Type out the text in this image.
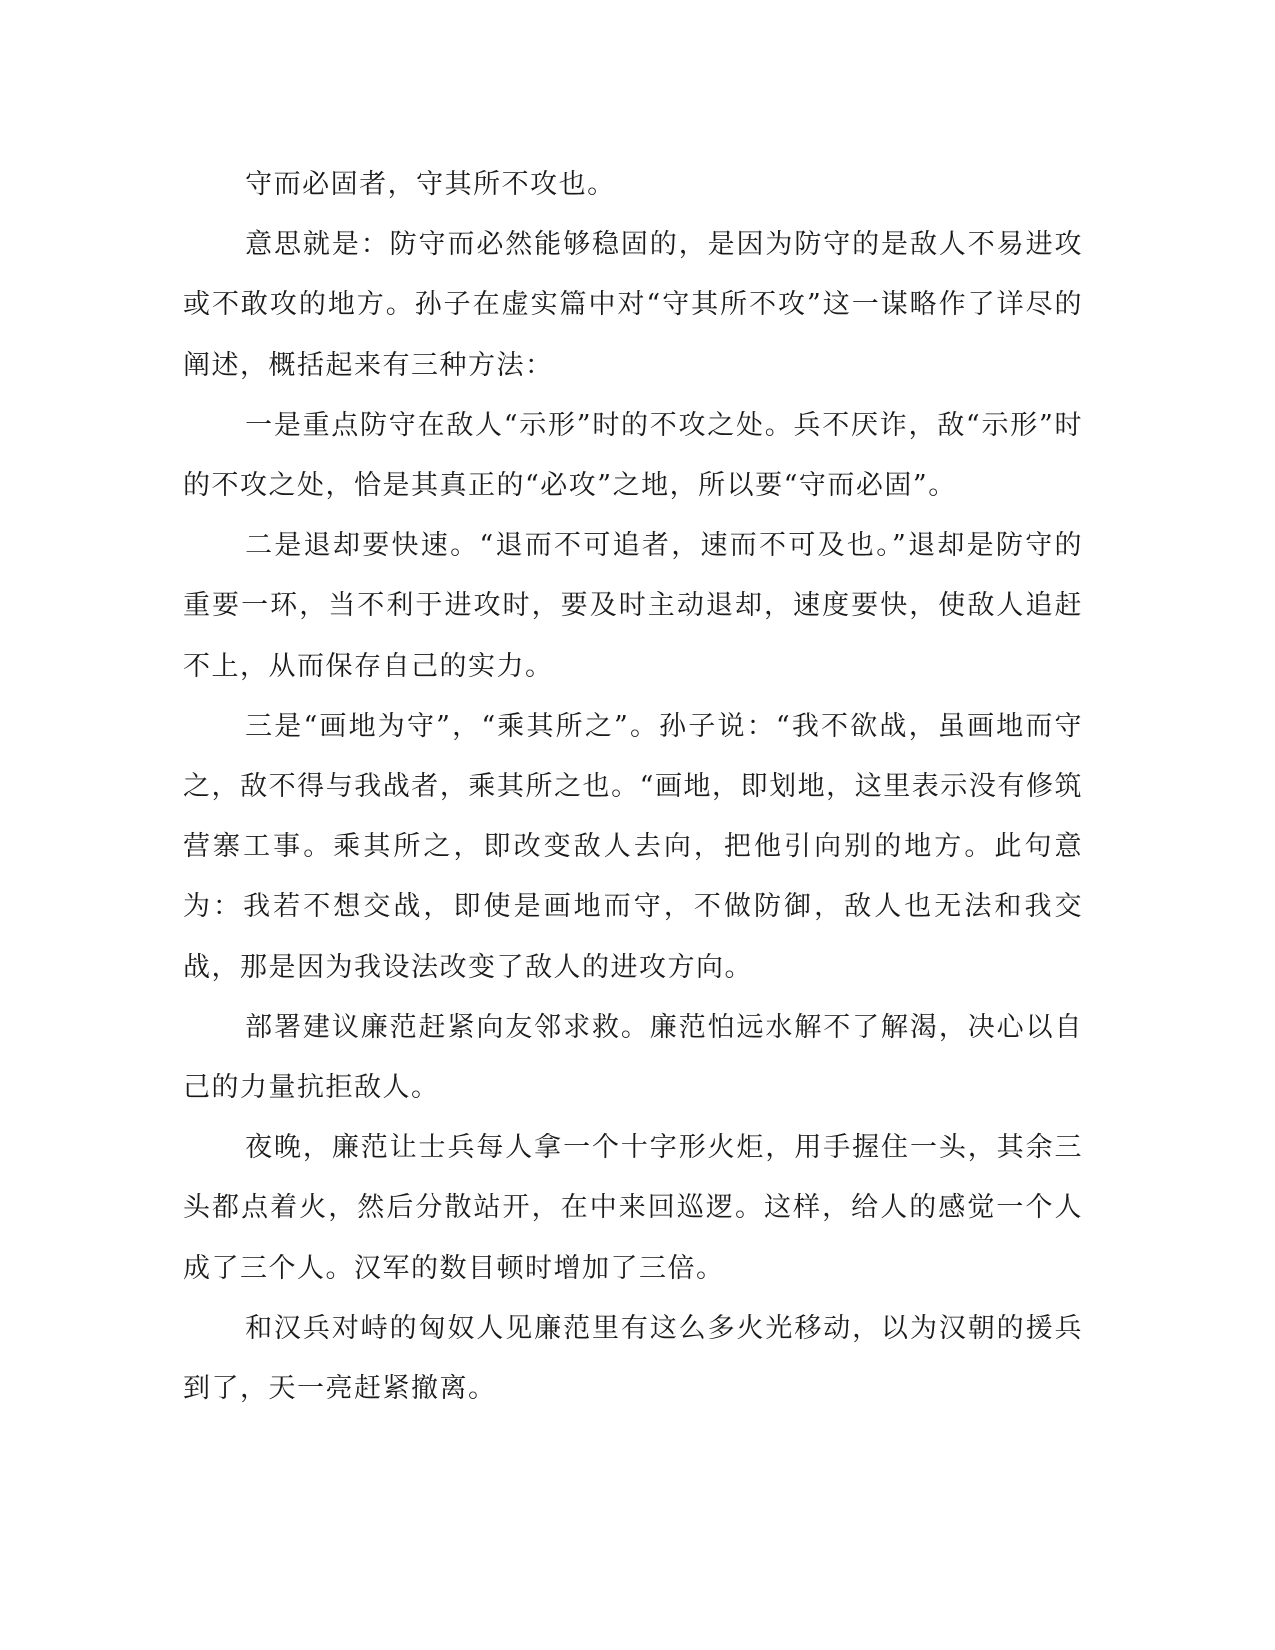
守而必固者，守其所不攻也。

意思就是：防守而必然能够稳固的，是因为防守的是敌人不易进攻或不敢攻的地方。孙子在虚实篇中对“守其所不攻”这一谋略作了详尽的阐述，概括起来有三种方法：

一是重点防守在敌人“示形”时的不攻之处。兵不厌诈，敌“示形”时的不攻之处，恰是其真正的“必攻”之地，所以要“守而必固”。

二是退却要快速。“退而不可追者，速而不可及也。”退却是防守的重要一环，当不利于进攻时，要及时主动退却，速度要快，使敌人追赶不上，从而保存自己的实力。

三是“画地为守”，“乘其所之”。孙子说：“我不欲战，虽画地而守之，敌不得与我战者，乘其所之也。“画地，即划地，这里表示没有修筑营寨工事。乘其所之，即改变敌人去向，把他引向别的地方。此句意为：我若不想交战，即使是画地而守，不做防御，敌人也无法和我交战，那是因为我设法改变了敌人的进攻方向。

部署建议廉范赶紧向友邻求救。廉范怕远水解不了解渴，决心以自己的力量抗拒敌人。

夜晚，廉范让士兵每人拿一个十字形火炬，用手握住一头，其余三头都点着火，然后分散站开，在中来回巡逻。这样，给人的感觉一个人成了三个人。汉军的数目顿时增加了三倍。

和汉兵对峙的匈奴人见廉范里有这么多火光移动，以为汉朝的援兵到了，天一亮赶紧撤离。
